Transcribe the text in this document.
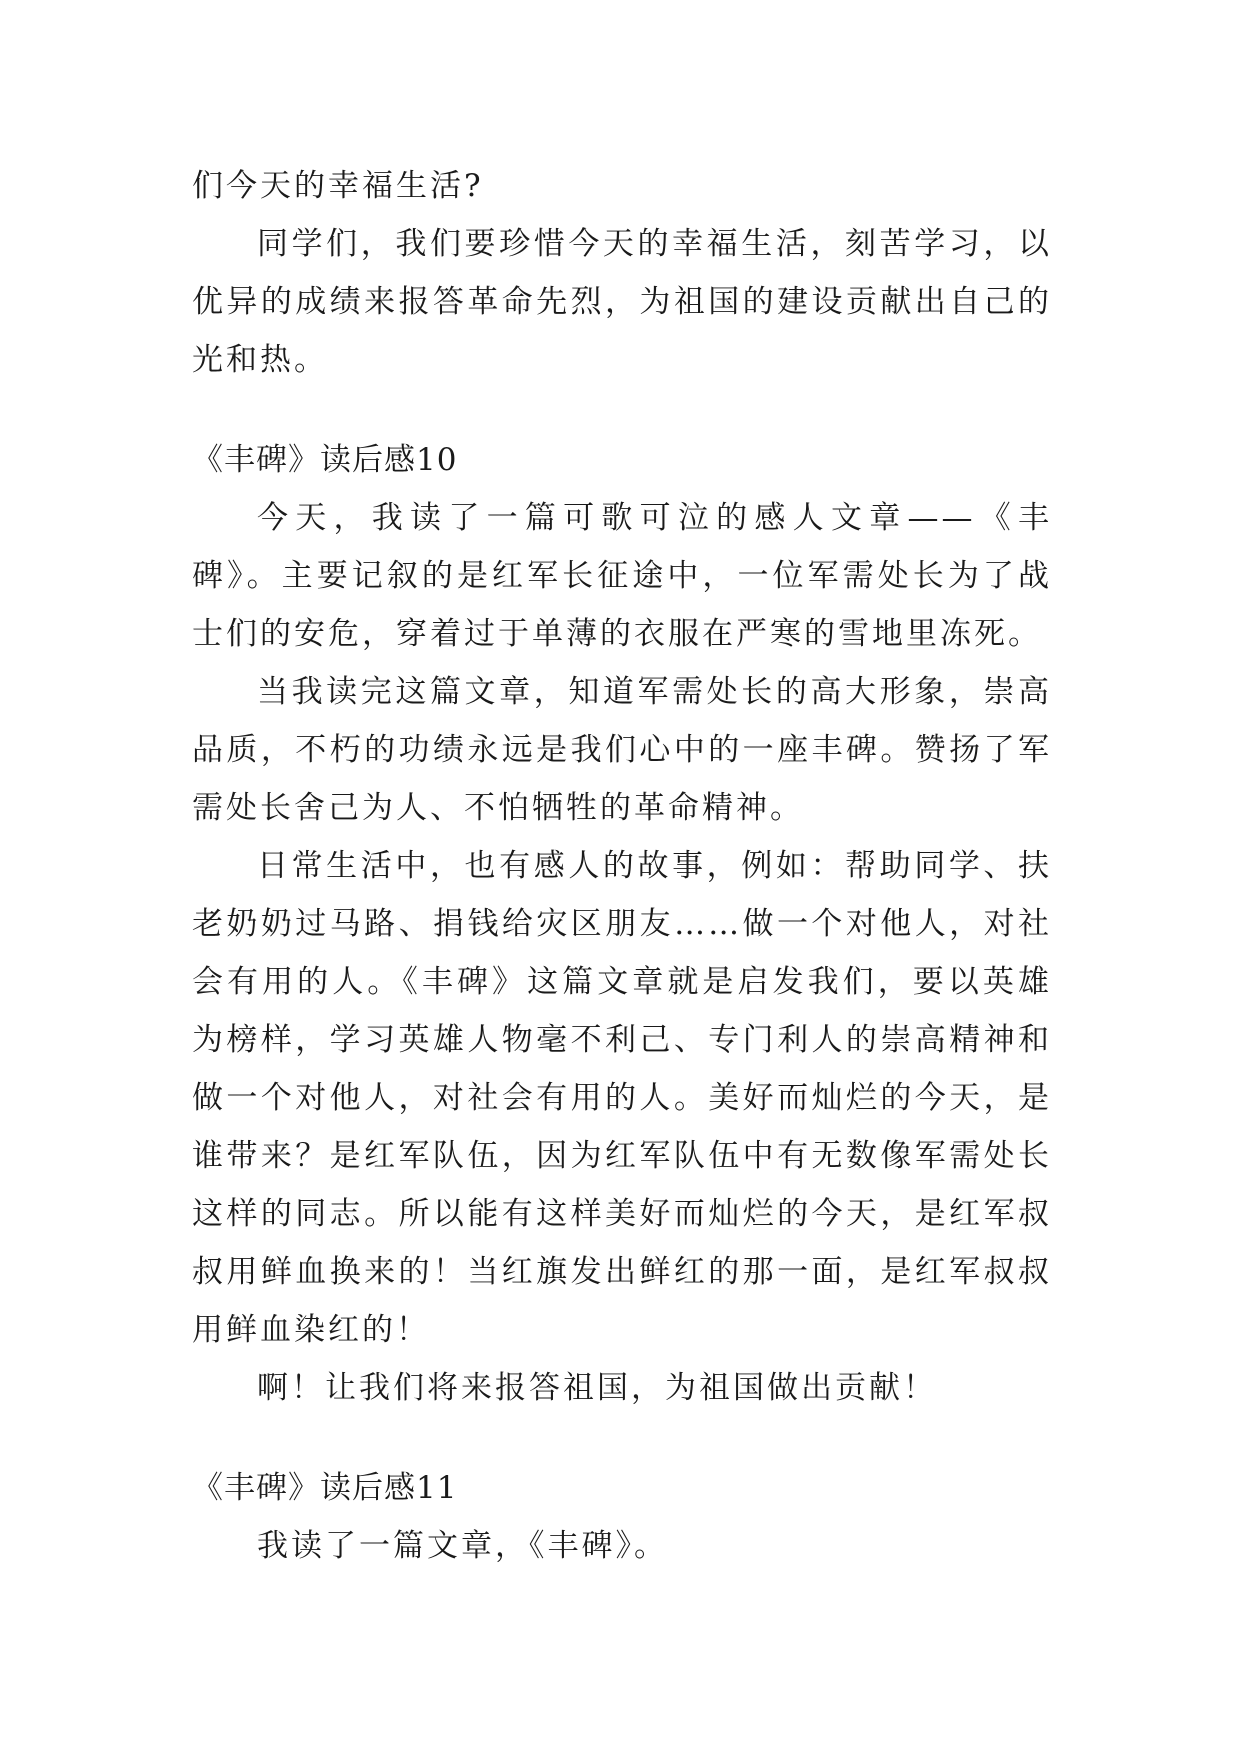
们今天的幸福生活?

同学们，我们要珍惜今天的幸福生活，刻苦学习，以优异的成绩来报答革命先烈，为祖国的建设贡献出自己的光和热。

《丰碑》读后感10

今天，我读了一篇可歌可泣的感人文章——《丰碑》。主要记叙的是红军长征途中，一位军需处长为了战士们的安危，穿着过于单薄的衣服在严寒的雪地里冻死。

当我读完这篇文章，知道军需处长的高大形象，崇高品质，不朽的功绩永远是我们心中的一座丰碑。赞扬了军需处长舍己为人、不怕牺牲的革命精神。

日常生活中，也有感人的故事，例如：帮助同学、扶老奶奶过马路、捐钱给灾区朋友……做一个对他人，对社会有用的人。《丰碑》这篇文章就是启发我们，要以英雄为榜样，学习英雄人物毫不利己、专门利人的崇高精神和做一个对他人，对社会有用的人。美好而灿烂的今天，是谁带来？是红军队伍，因为红军队伍中有无数像军需处长这样的同志。所以能有这样美好而灿烂的今天，是红军叔叔用鲜血换来的！当红旗发出鲜红的那一面，是红军叔叔用鲜血染红的！

啊！让我们将来报答祖国，为祖国做出贡献！

《丰碑》读后感11

我读了一篇文章，《丰碑》。
